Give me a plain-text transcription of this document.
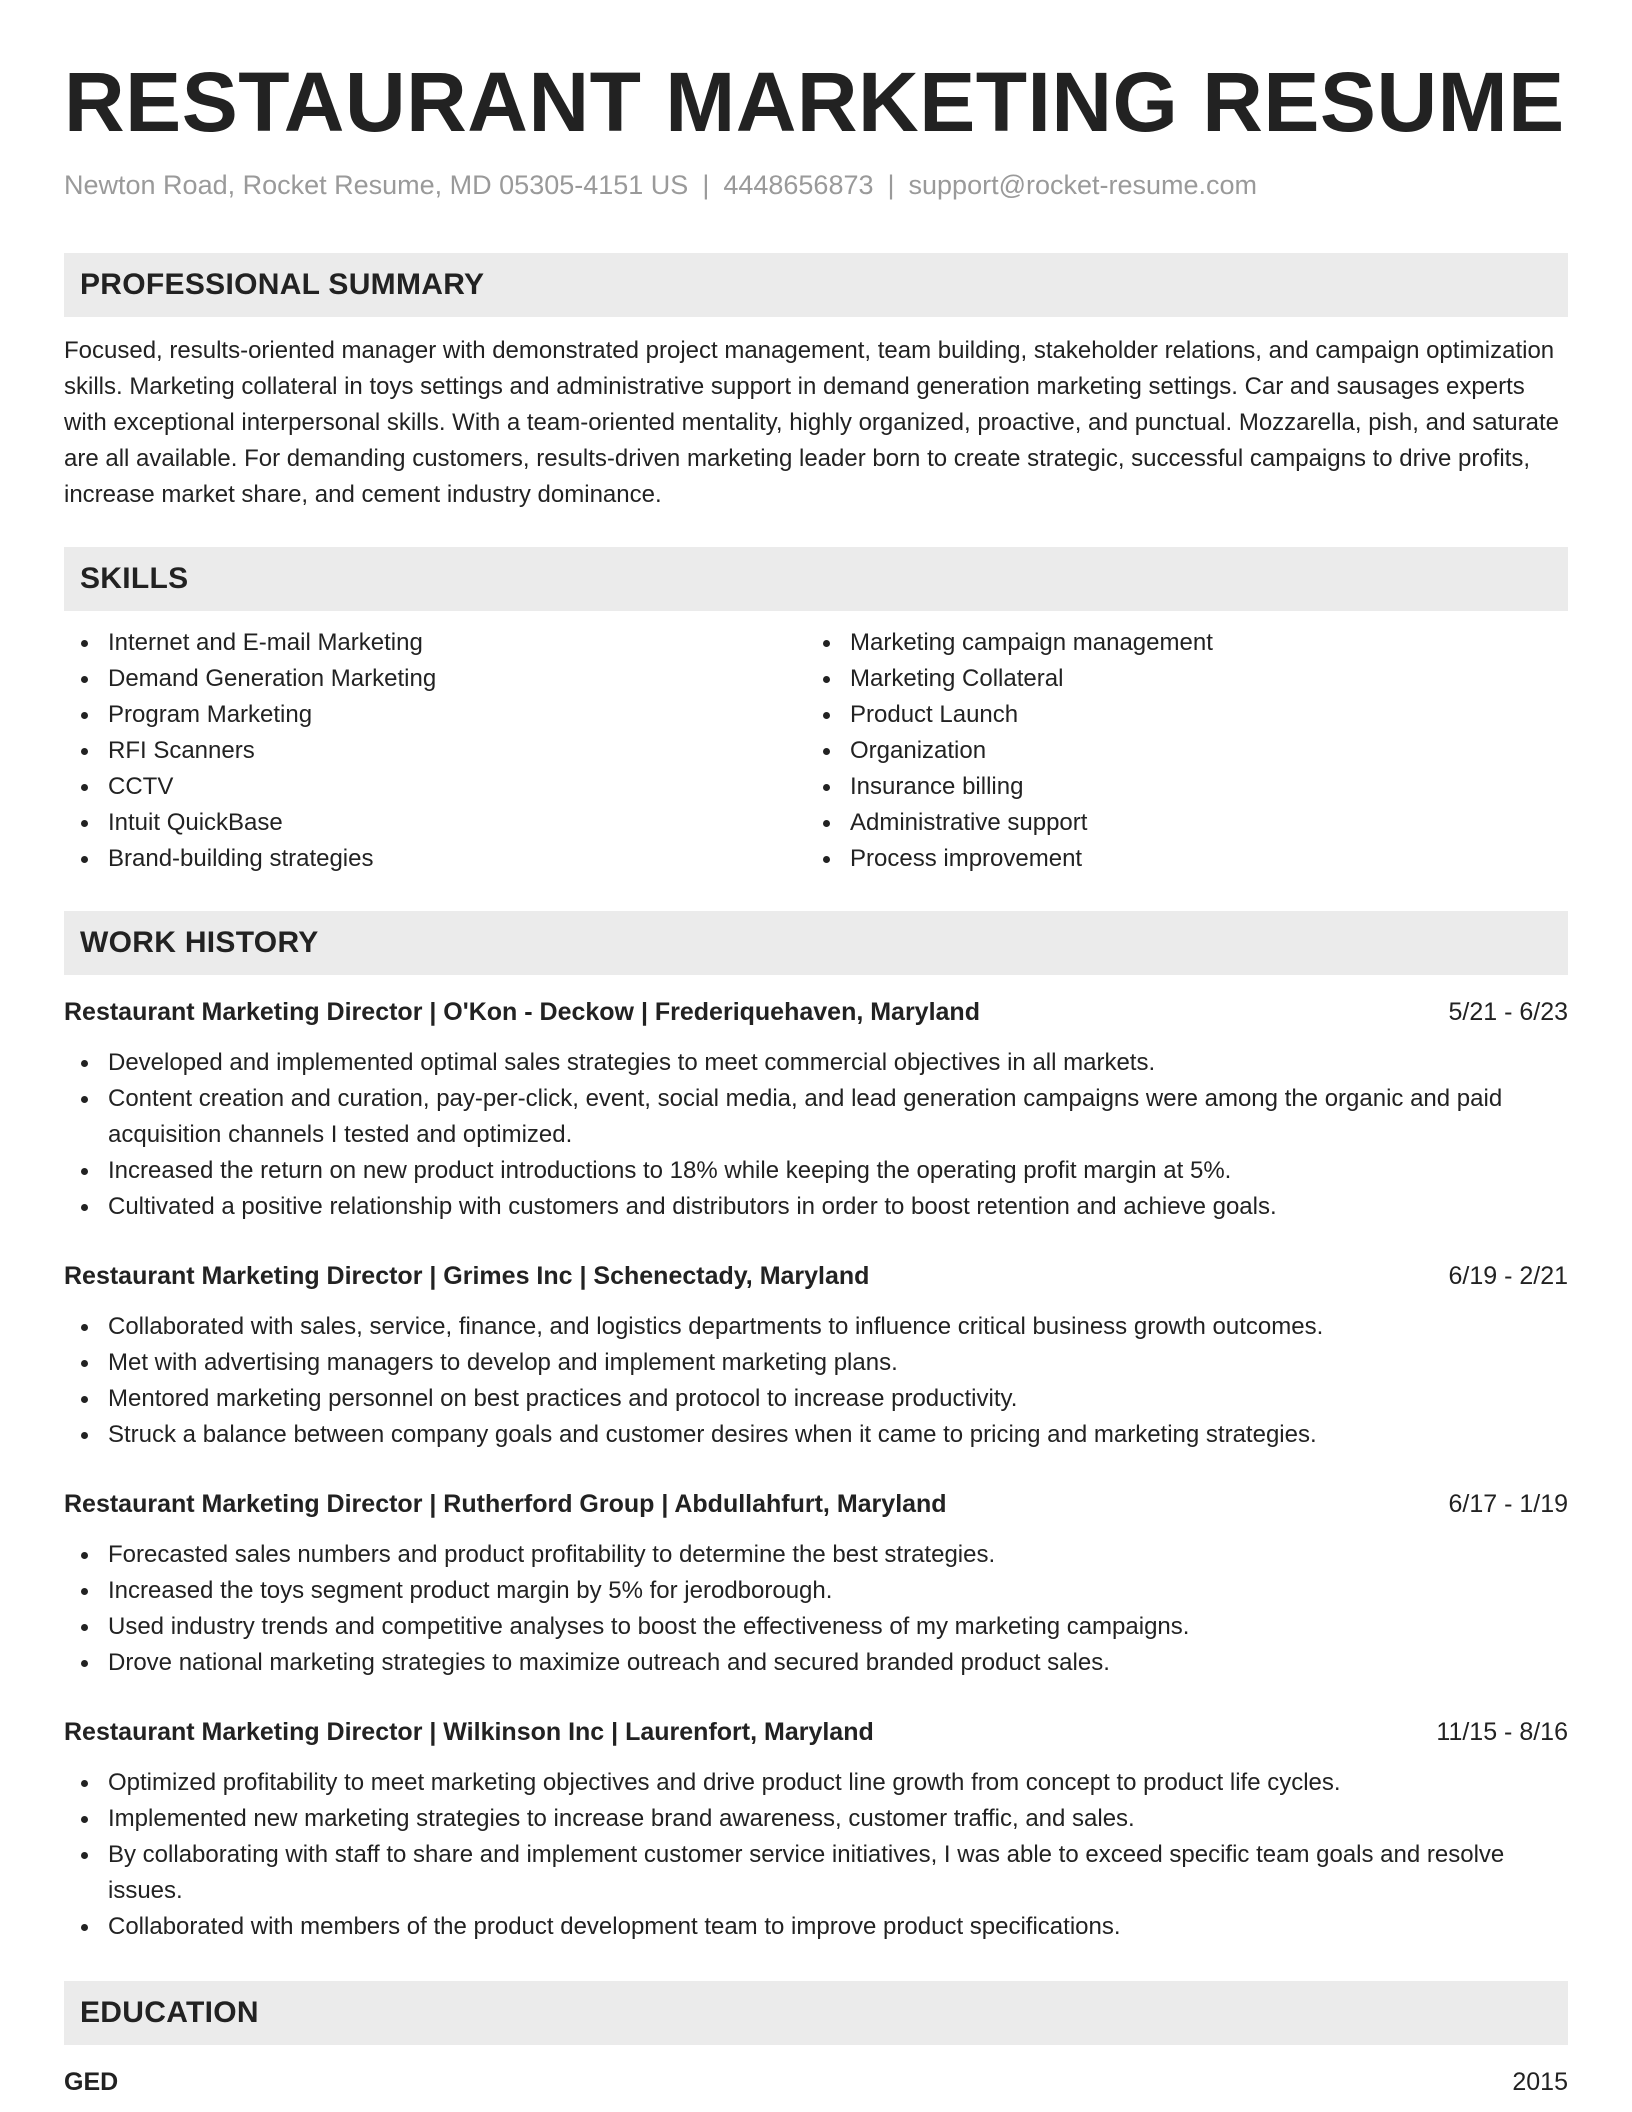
RESTAURANT MARKETING RESUME
Newton Road, Rocket Resume, MD 05305-4151 US | 4448656873 | support@rocket-resume.com
PROFESSIONAL SUMMARY
Focused, results-oriented manager with demonstrated project management, team building, stakeholder relations, and campaign optimization skills. Marketing collateral in toys settings and administrative support in demand generation marketing settings. Car and sausages experts with exceptional interpersonal skills. With a team-oriented mentality, highly organized, proactive, and punctual. Mozzarella, pish, and saturate are all available. For demanding customers, results-driven marketing leader born to create strategic, successful campaigns to drive profits, increase market share, and cement industry dominance.
SKILLS
Internet and E-mail Marketing
Demand Generation Marketing
Program Marketing
RFI Scanners
CCTV
Intuit QuickBase
Brand-building strategies
Marketing campaign management
Marketing Collateral
Product Launch
Organization
Insurance billing
Administrative support
Process improvement
WORK HISTORY
Restaurant Marketing Director | O'Kon - Deckow | Frederiquehaven, Maryland	5/21 - 6/23
Developed and implemented optimal sales strategies to meet commercial objectives in all markets.
Content creation and curation, pay-per-click, event, social media, and lead generation campaigns were among the organic and paid acquisition channels I tested and optimized.
Increased the return on new product introductions to 18% while keeping the operating profit margin at 5%.
Cultivated a positive relationship with customers and distributors in order to boost retention and achieve goals.
Restaurant Marketing Director | Grimes Inc | Schenectady, Maryland	6/19 - 2/21
Collaborated with sales, service, finance, and logistics departments to influence critical business growth outcomes.
Met with advertising managers to develop and implement marketing plans.
Mentored marketing personnel on best practices and protocol to increase productivity.
Struck a balance between company goals and customer desires when it came to pricing and marketing strategies.
Restaurant Marketing Director | Rutherford Group | Abdullahfurt, Maryland	6/17 - 1/19
Forecasted sales numbers and product profitability to determine the best strategies.
Increased the toys segment product margin by 5% for jerodborough.
Used industry trends and competitive analyses to boost the effectiveness of my marketing campaigns.
Drove national marketing strategies to maximize outreach and secured branded product sales.
Restaurant Marketing Director | Wilkinson Inc | Laurenfort, Maryland	11/15 - 8/16
Optimized profitability to meet marketing objectives and drive product line growth from concept to product life cycles.
Implemented new marketing strategies to increase brand awareness, customer traffic, and sales.
By collaborating with staff to share and implement customer service initiatives, I was able to exceed specific team goals and resolve issues.
Collaborated with members of the product development team to improve product specifications.
EDUCATION
GED	2015
